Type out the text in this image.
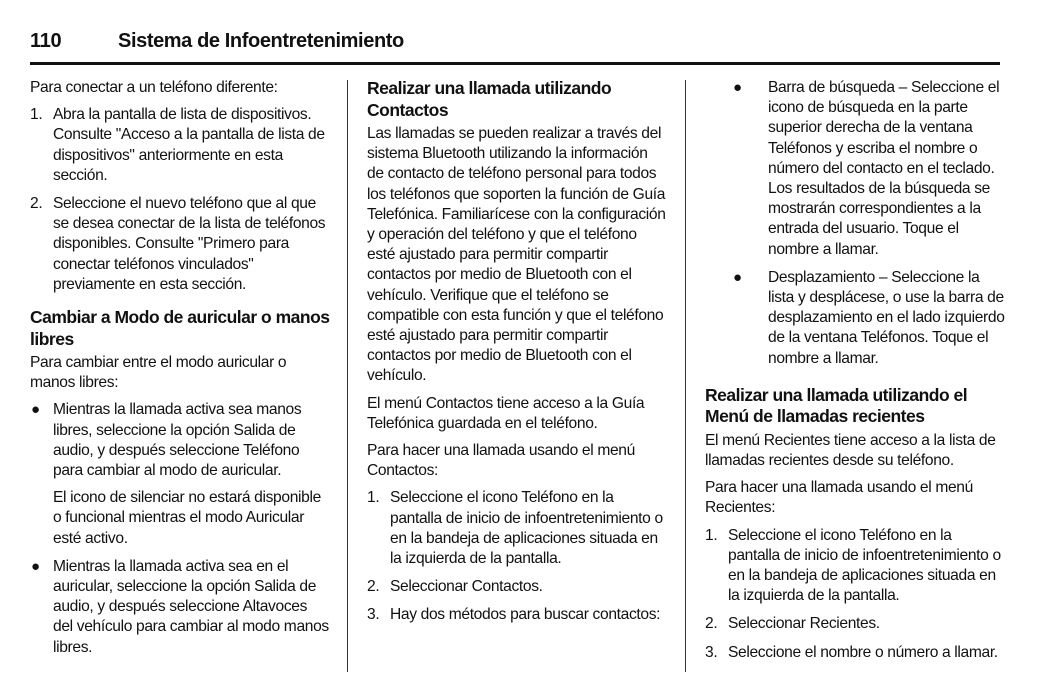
110	Sistema de Infoentretenimiento

Para conectar a un teléfono diferente:

1. Abra la pantalla de lista de dispositivos. Consulte "Acceso a la pantalla de lista de dispositivos" anteriormente en esta sección.
2. Seleccione el nuevo teléfono que al que se desea conectar de la lista de teléfonos disponibles. Consulte "Primero para conectar teléfonos vinculados" previamente en esta sección.
Cambiar a Modo de auricular o manos libres

Para cambiar entre el modo auricular o manos libres:

● Mientras la llamada activa sea manos libres, seleccione la opción Salida de audio, y después seleccione Teléfono para cambiar al modo de auricular.

El icono de silenciar no estará disponible o funcional mientras el modo Auricular esté activo.

● Mientras la llamada activa sea en el auricular, seleccione la opción Salida de audio, y después seleccione Altavoces del vehículo para cambiar al modo manos libres.

Realizar una llamada utilizando Contactos

Las llamadas se pueden realizar a través del sistema Bluetooth utilizando la información de contacto de teléfono personal para todos los teléfonos que soporten la función de Guía Telefónica. Familiarícese con la configuración y operación del teléfono y que el teléfono esté ajustado para permitir compartir contactos por medio de Bluetooth con el vehículo. Verifique que el teléfono se compatible con esta función y que el teléfono esté ajustado para permitir compartir contactos por medio de Bluetooth con el vehículo.

El menú Contactos tiene acceso a la Guía Telefónica guardada en el teléfono.

Para hacer una llamada usando el menú Contactos:

1. Seleccione el icono Teléfono en la pantalla de inicio de infoentretenimiento o en la bandeja de aplicaciones situada en la izquierda de la pantalla.
2. Seleccionar Contactos.
3. Hay dos métodos para buscar contactos:
● Barra de búsqueda – Seleccione el icono de búsqueda en la parte superior derecha de la ventana Teléfonos y escriba el nombre o número del contacto en el teclado. Los resultados de la búsqueda se mostrarán correspondientes a la entrada del usuario. Toque el nombre a llamar.
● Desplazamiento – Seleccione la lista y desplácese, o use la barra de desplazamiento en el lado izquierdo de la ventana Teléfonos. Toque el nombre a llamar.
Realizar una llamada utilizando el Menú de llamadas recientes

El menú Recientes tiene acceso a la lista de llamadas recientes desde su teléfono.

Para hacer una llamada usando el menú Recientes:

1. Seleccione el icono Teléfono en la pantalla de inicio de infoentretenimiento o en la bandeja de aplicaciones situada en la izquierda de la pantalla.
2. Seleccionar Recientes.
3. Seleccione el nombre o número a llamar.
